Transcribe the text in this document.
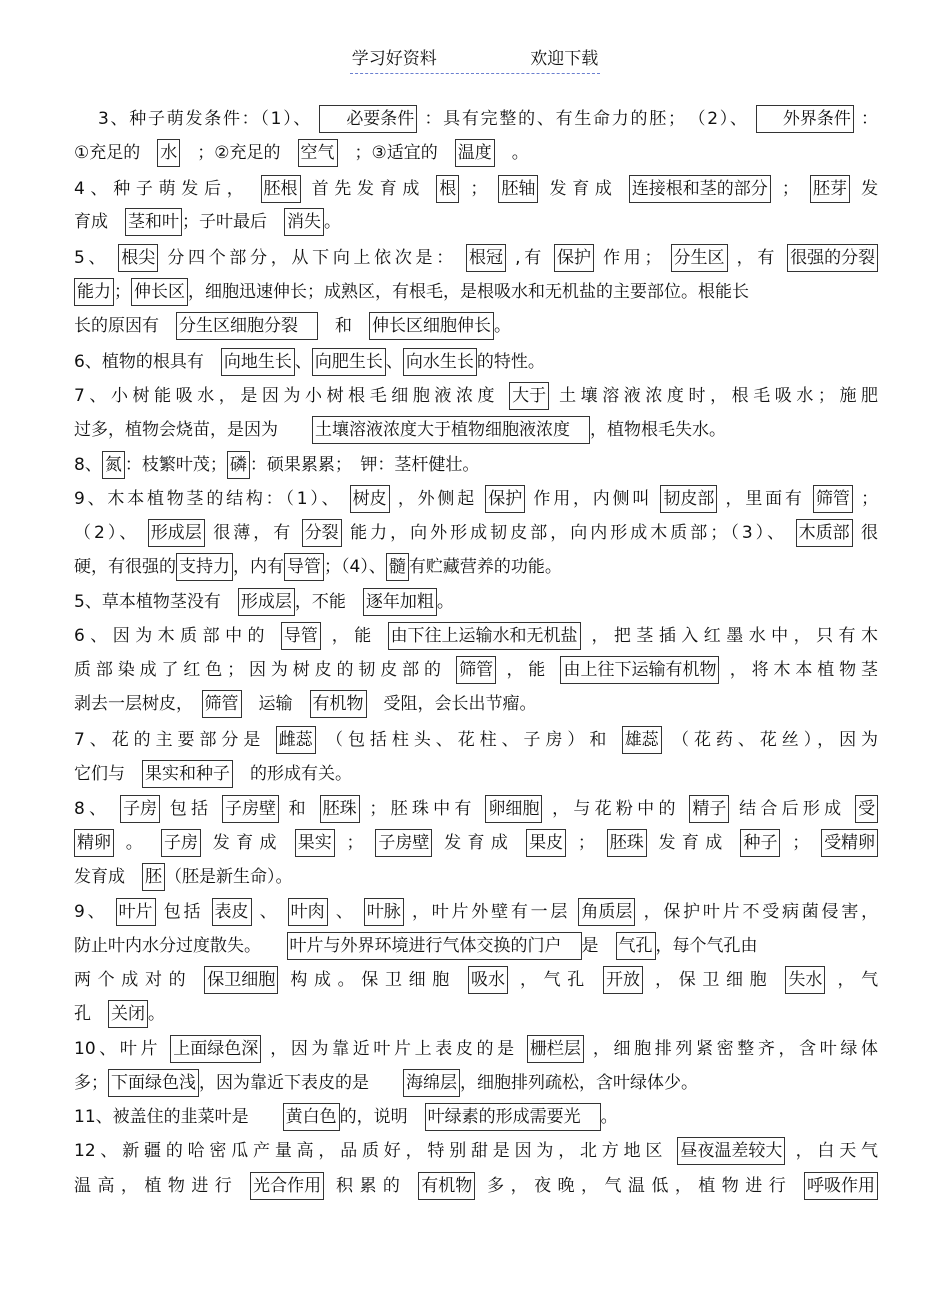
学习好资料	欢迎下载
3、种子萌发条件：（1）、 必要条件 ：具有完整的、有生命力的胚；　（2）、 外界条件 ：
①充足的　水　；②充足的　空气　；③适宜的　温度　。
4、种子萌发后， 胚根 首先发育成 根 ； 胚轴 发育成 连接根和茎的部分 ； 胚芽 发
育成　茎和叶 ；子叶最后　消失 。
5、 根尖 分四个部分，从下向上依次是： 根冠 ,有 保护 作用； 分生区 ，有 很强的分裂
能力 ； 伸长区 ，细胞迅速伸长；成熟区，有根毛，是根吸水和无机盐的主要部位。根能长
长的原因有　分生区细胞分裂　　和　伸长区细胞伸长 。
6、植物的根具有　向地生长 、 向肥生长 、 向水生长 的特性。
7、小树能吸水，是因为小树根毛细胞液浓度 大于 土壤溶液浓度时，根毛吸水；施肥
过多，植物会烧苗，是因为　　土壤溶液浓度大于植物细胞液浓度　，植物根毛失水。
8、 氮 ：枝繁叶茂； 磷 ：硕果累累；　钾：茎杆健壮。
9、木本植物茎的结构：（1）、 树皮 ，外侧起 保护 作用，内侧叫 韧皮部 ，里面有 筛管 ；
（2）、 形成层 很薄，有 分裂 能力，向外形成韧皮部，向内形成木质部；（3）、 木质部 很
硬，有很强的 支持力 ，内有 导管 ；（4）、 髓 有贮藏营养的功能。
5、草本植物茎没有　形成层 ，不能　逐年加粗 。
6、因为木质部中的 导管 ，能 由下往上运输水和无机盐 ，把茎插入红墨水中，只有木
质部染成了红色；因为树皮的韧皮部的 筛管 ，能 由上往下运输有机物 ，将木本植物茎
剥去一层树皮，　筛管　运输　有机物　受阻，会长出节瘤。
7、花的主要部分是 雌蕊 （包括柱头、花柱、子房）和 雄蕊 （花药、花丝），因为
它们与　果实和种子　的形成有关。
8、 子房 包括 子房壁 和 胚珠 ；胚珠中有 卵细胞 ，与花粉中的 精子 结合后形成 受
精卵 。 子房 发育成 果实 ； 子房壁 发育成 果皮 ； 胚珠 发育成 种子 ； 受精卵
发育成　胚 （胚是新生命）。
9、 叶片 包括 表皮 、 叶肉 、 叶脉 ，叶片外壁有一层 角质层 ，保护叶片不受病菌侵害，
防止叶内水分过度散失。　　叶片与外界环境进行气体交换的门户　是　气孔 ，每个气孔由
两个成对的 保卫细胞 构成。保卫细胞 吸水 ，气孔 开放 ，保卫细胞 失水 ，气
孔　关闭 。
10、叶片 上面绿色深 ，因为靠近叶片上表皮的是 栅栏层 ，细胞排列紧密整齐，含叶绿体
多； 下面绿色浅 ，因为靠近下表皮的是　　海绵层 ，细胞排列疏松，含叶绿体少。
11、被盖住的韭菜叶是　　黄白色 的，说明　叶绿素的形成需要光　。
12、新疆的哈密瓜产量高，品质好，特别甜是因为，北方地区 昼夜温差较大 ，白天气
温高，植物进行 光合作用 积累的 有机物 多，夜晚，气温低，植物进行 呼吸作用
